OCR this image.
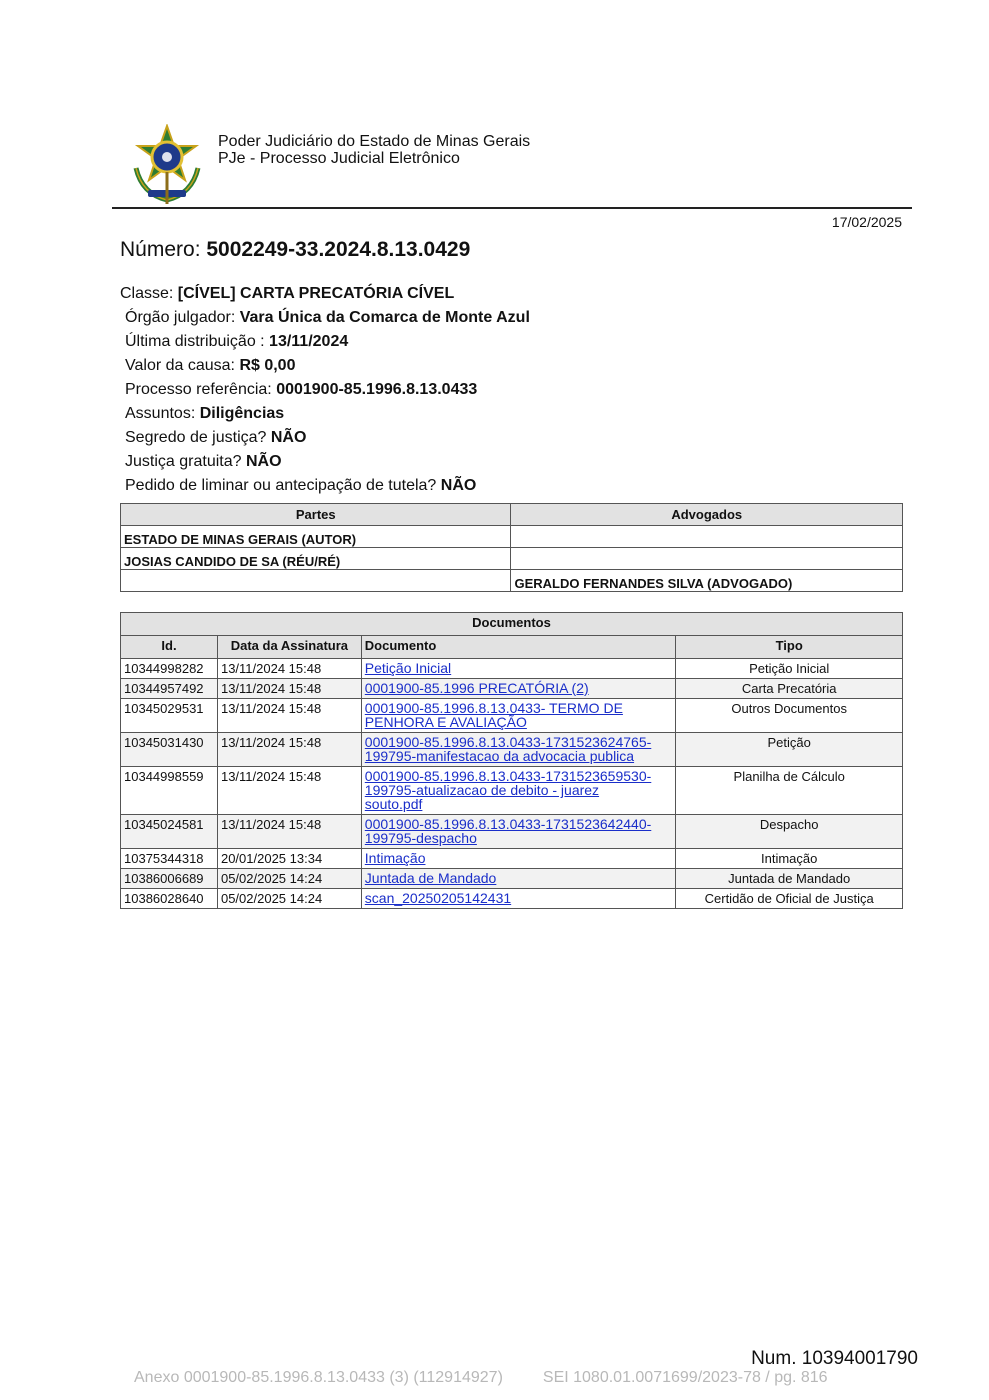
Poder Judiciário do Estado de Minas Gerais
PJe - Processo Judicial Eletrônico
17/02/2025
Número: 5002249-33.2024.8.13.0429
Classe: [CÍVEL] CARTA PRECATÓRIA CÍVEL
Órgão julgador: Vara Única da Comarca de Monte Azul
Última distribuição : 13/11/2024
Valor da causa: R$ 0,00
Processo referência: 0001900-85.1996.8.13.0433
Assuntos: Diligências
Segredo de justiça? NÃO
Justiça gratuita? NÃO
Pedido de liminar ou antecipação de tutela? NÃO
Partes	Advogados
ESTADO DE MINAS GERAIS (AUTOR)	
JOSIAS CANDIDO DE SA (RÉU/RÉ)	
	GERALDO FERNANDES SILVA (ADVOGADO)
Documentos			
Id.	Data da Assinatura	Documento	Tipo
10344998282	13/11/2024 15:48	Petição Inicial	Petição Inicial
10344957492	13/11/2024 15:48	0001900-85.1996 PRECATÓRIA (2)	Carta Precatória
10345029531	13/11/2024 15:48	0001900-85.1996.8.13.0433- TERMO DE
PENHORA E AVALIAÇÃO	Outros Documentos
10345031430	13/11/2024 15:48	0001900-85.1996.8.13.0433-1731523624765-
199795-manifestacao da advocacia publica	Petição
10344998559	13/11/2024 15:48	0001900-85.1996.8.13.0433-1731523659530-
199795-atualizacao de debito - juarez
souto.pdf	Planilha de Cálculo
10345024581	13/11/2024 15:48	0001900-85.1996.8.13.0433-1731523642440-
199795-despacho	Despacho
10375344318	20/01/2025 13:34	Intimação	Intimação
10386006689	05/02/2025 14:24	Juntada de Mandado	Juntada de Mandado
10386028640	05/02/2025 14:24	scan_20250205142431	Certidão de Oficial de Justiça
Num. 10394001790
Anexo 0001900-85.1996.8.13.0433 (3) (112914927)	SEI 1080.01.0071699/2023-78 / pg. 816
